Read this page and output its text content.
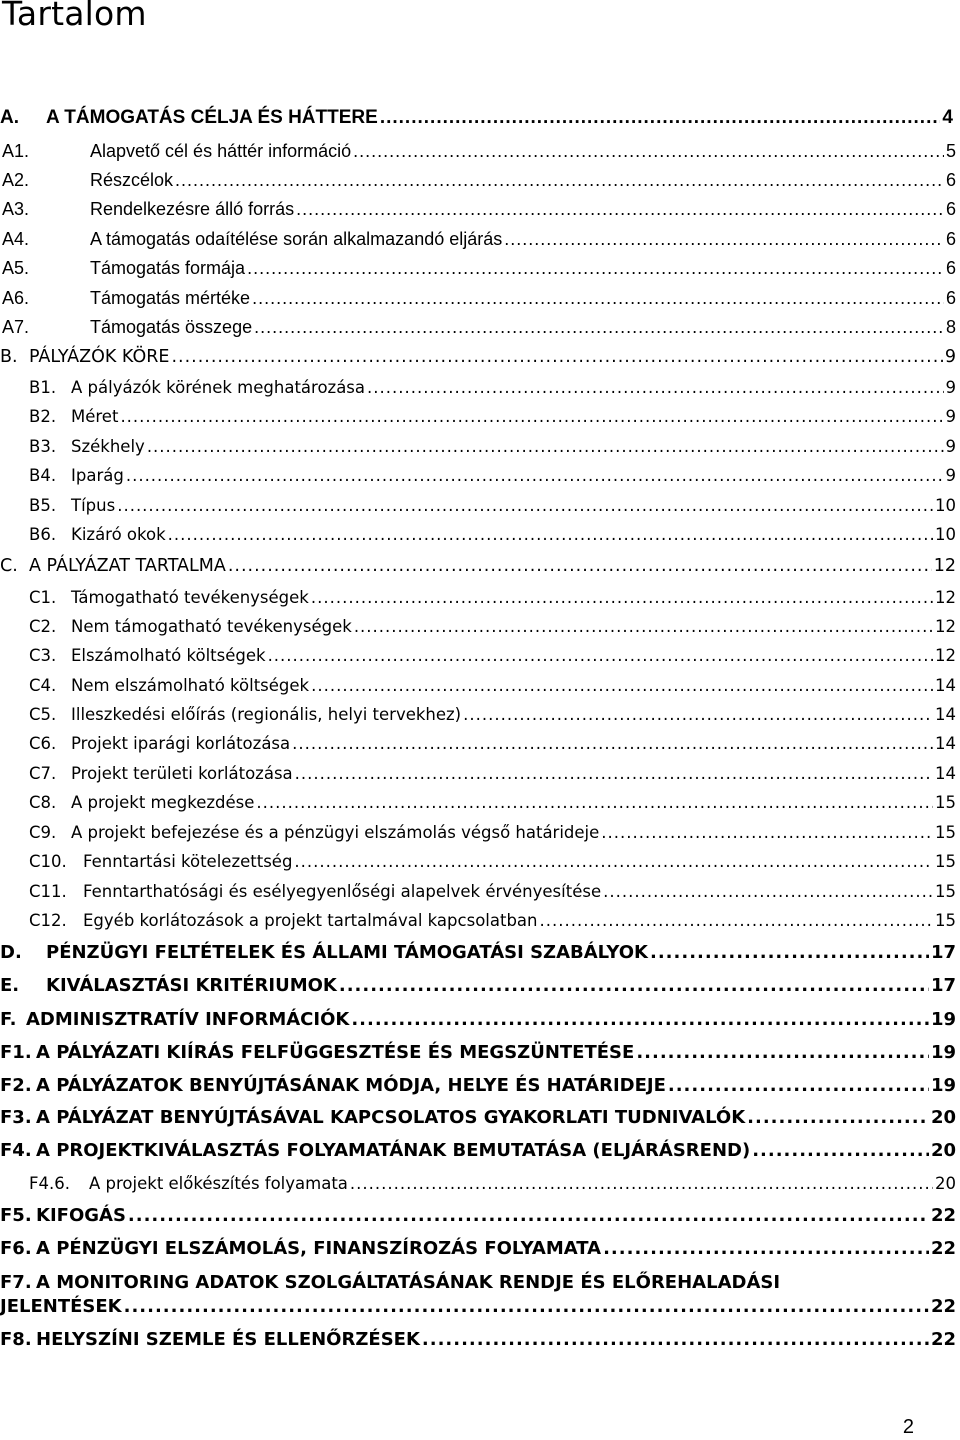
Tartalom
A.	A TÁMOGATÁS CÉLJA ÉS HÁTTERE .....	4
A1.	Alapvető cél és háttér információ .....	5
A2.	Részcélok .....	6
A3.	Rendelkezésre álló forrás .....	6
A4.	A támogatás odaítélése során alkalmazandó eljárás .....	6
A5.	Támogatás formája .....	6
A6.	Támogatás mértéke .....	6
A7.	Támogatás összege .....	8
B. PÁLYÁZÓK KÖRE .....	9
B1. A pályázók körének meghatározása .....	9
B2. Méret .....	9
B3. Székhely .....	9
B4. Iparág .....	9
B5. Típus .....	10
B6. Kizáró okok .....	10
C. A PÁLYÁZAT TARTALMA .....	12
C1. Támogatható tevékenységek .....	12
C2. Nem támogatható tevékenységek .....	12
C3. Elszámolható költségek .....	12
C4. Nem elszámolható költségek .....	14
C5. Illeszkedési előírás (regionális, helyi tervekhez) .....	14
C6. Projekt iparági korlátozása .....	14
C7. Projekt területi korlátozása .....	14
C8. A projekt megkezdése .....	15
C9. A projekt befejezése és a pénzügyi elszámolás végső határideje .....	15
C10. Fenntartási kötelezettség .....	15
C11. Fenntarthatósági és esélyegyenlőségi alapelvek érvényesítése .....	15
C12. Egyéb korlátozások a projekt tartalmával kapcsolatban .....	15
D.	PÉNZÜGYI FELTÉTELEK ÉS ÁLLAMI TÁMOGATÁSI SZABÁLYOK .....	17
E.	KIVÁLASZTÁSI KRITÉRIUMOK .....	17
F. ADMINISZTRATÍV INFORMÁCIÓK .....	19
F1. A PÁLYÁZATI KIÍRÁS FELFÜGGESZTÉSE ÉS MEGSZÜNTETÉSE .....	19
F2. A PÁLYÁZATOK BENYÚJTÁSÁNAK MÓDJA, HELYE ÉS HATÁRIDEJE .....	19
F3. A PÁLYÁZAT BENYÚJTÁSÁVAL KAPCSOLATOS GYAKORLATI TUDNIVALÓK .....	20
F4. A PROJEKTKIVÁLASZTÁS FOLYAMATÁNAK BEMUTATÁSA (ELJÁRÁSREND) .....	20
F4.6.	A projekt előkészítés folyamata .....	20
F5. KIFOGÁS .....	22
F6. A PÉNZÜGYI ELSZÁMOLÁS, FINANSZÍROZÁS FOLYAMATA .....	22
F7. A MONITORING ADATOK SZOLGÁLTATÁSÁNAK RENDJE ÉS ELŐREHALADÁSI
JELENTÉSEK .....	22
F8. HELYSZÍNI SZEMLE ÉS ELLENŐRZÉSEK .....	22
2
